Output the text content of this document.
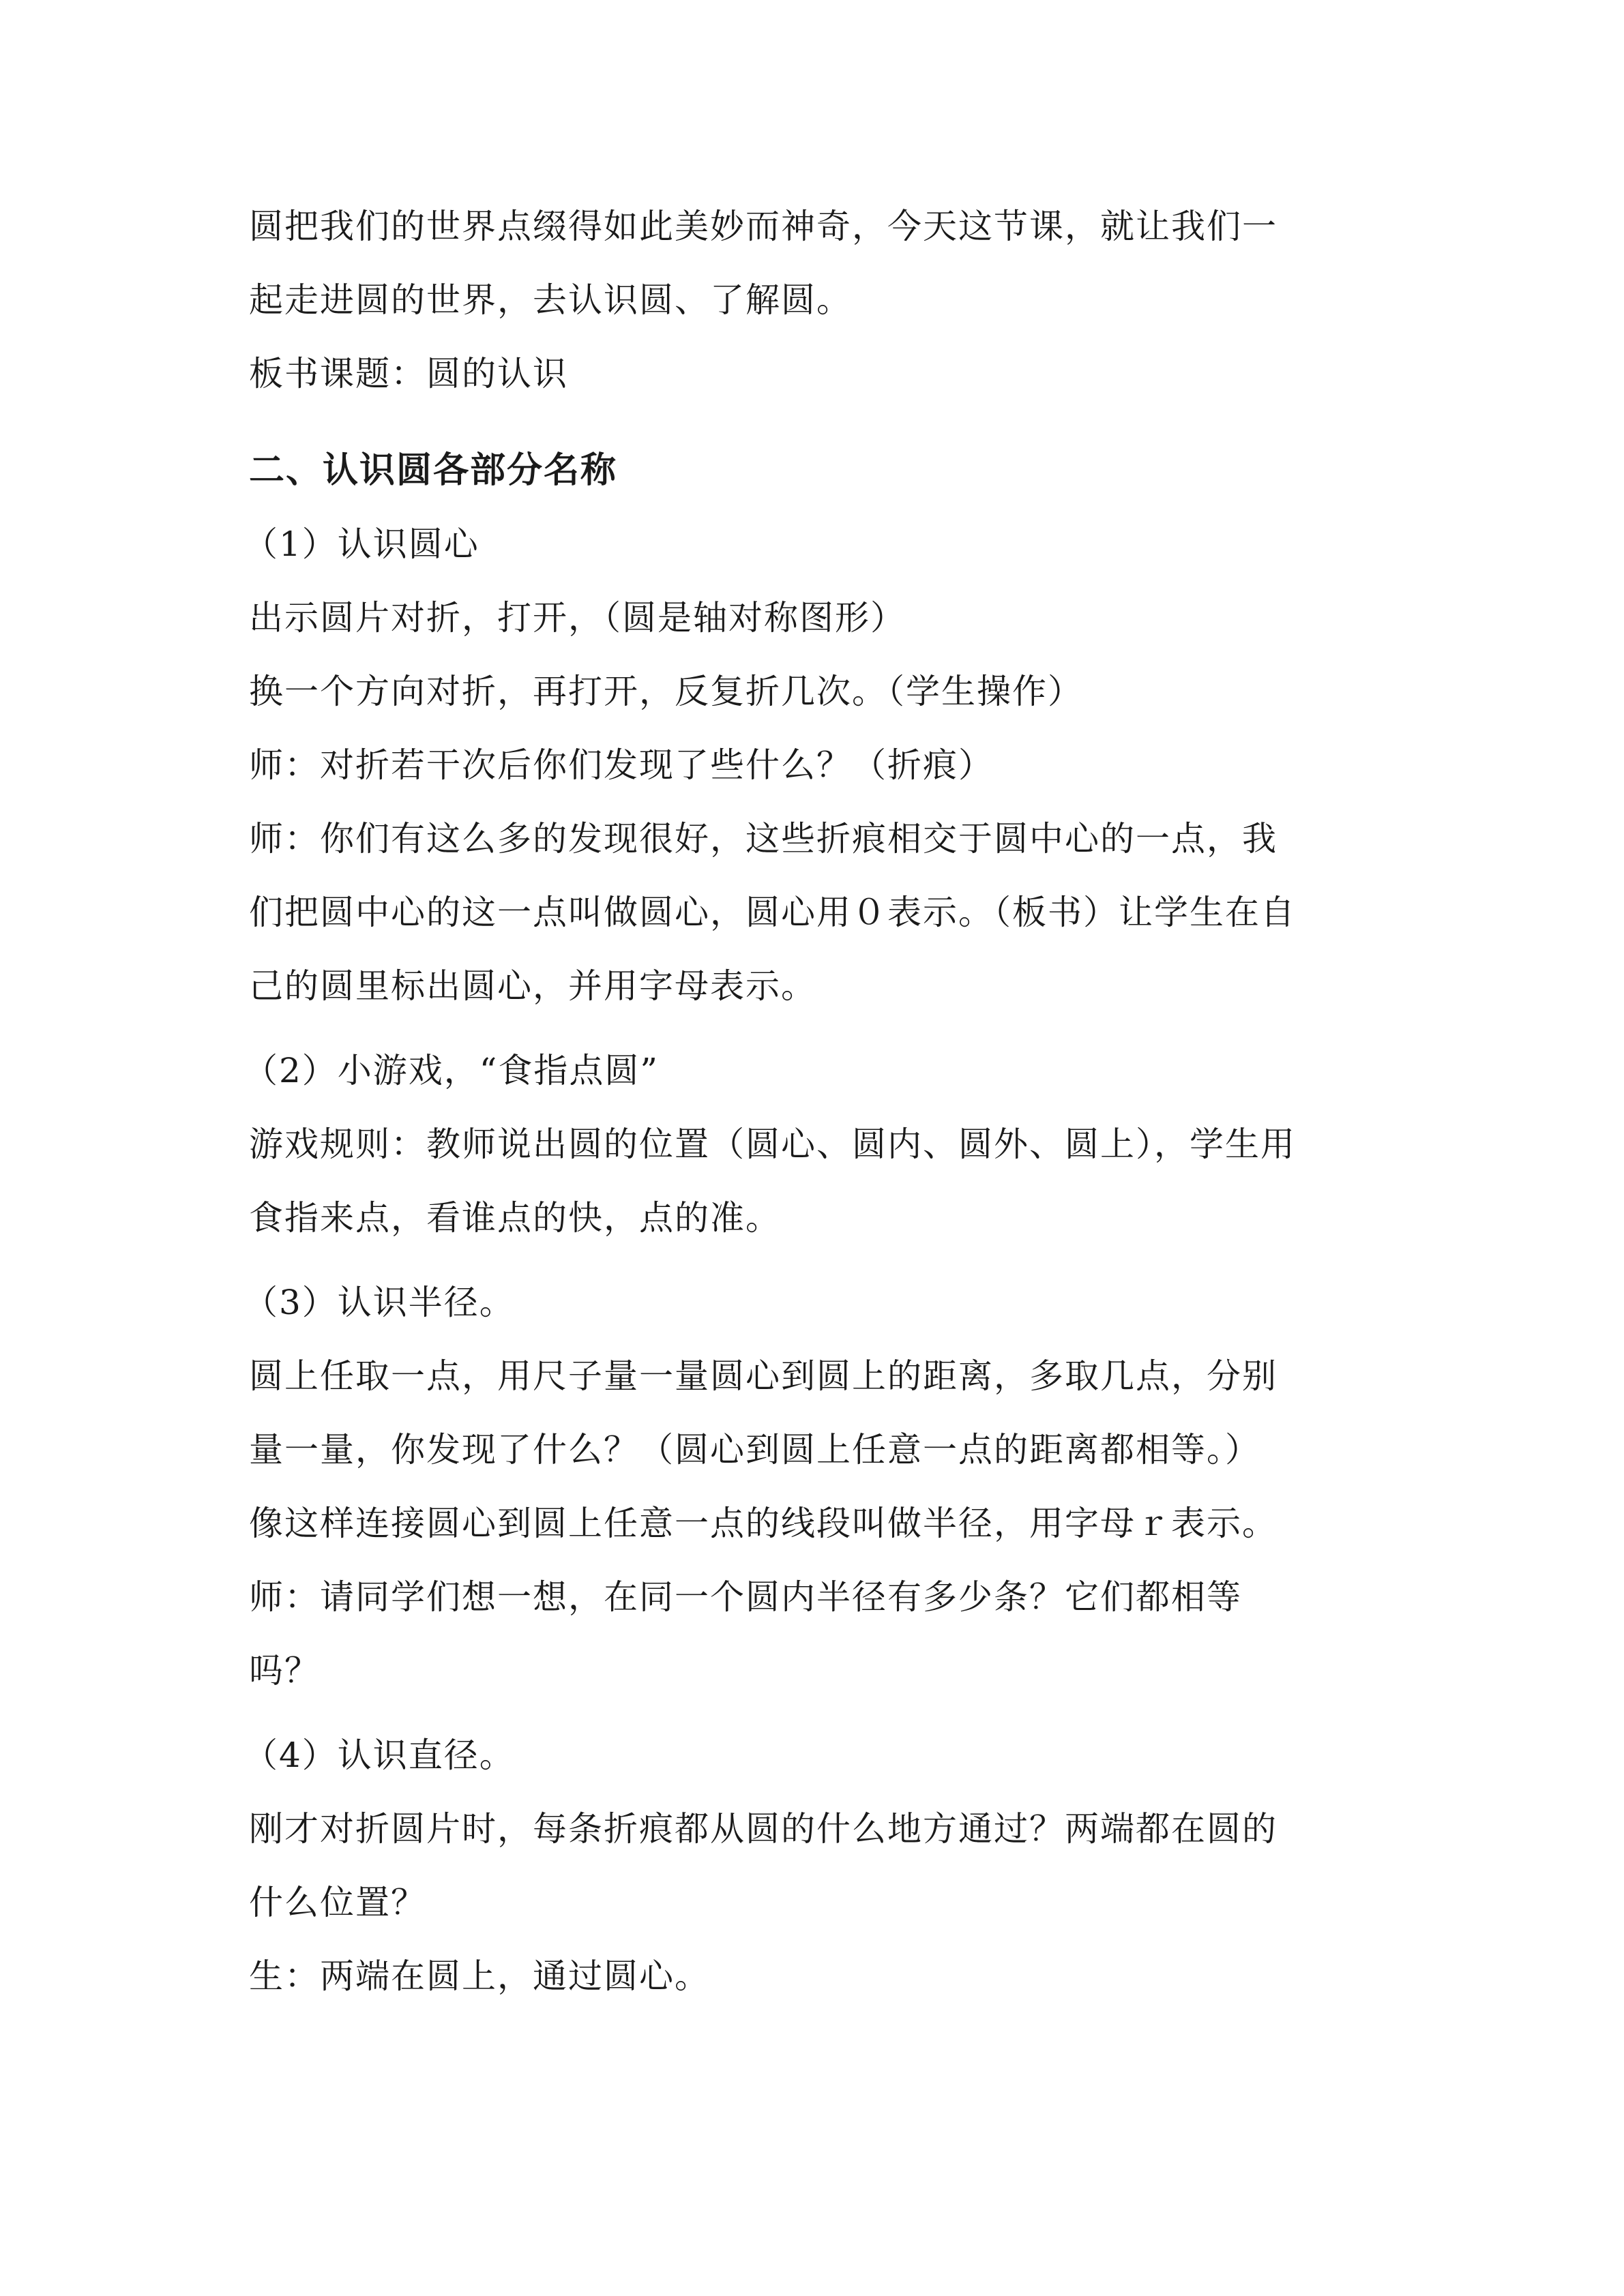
圆把我们的世界点缀得如此美妙而神奇，今天这节课，就让我们一
起走进圆的世界，去认识圆、了解圆。
板书课题：圆的认识
二、认识圆各部分名称
（1）认识圆心
出示圆片对折，打开，（圆是轴对称图形）
换一个方向对折，再打开，反复折几次。（学生操作）
师：对折若干次后你们发现了些什么？（折痕）
师：你们有这么多的发现很好，这些折痕相交于圆中心的一点，我
们把圆中心的这一点叫做圆心，圆心用０表示。（板书）让学生在自
己的圆里标出圆心，并用字母表示。
（2）小游戏，“食指点圆”
游戏规则：教师说出圆的位置（圆心、圆内、圆外、圆上），学生用
食指来点，看谁点的快，点的准。
（3）认识半径。
圆上任取一点，用尺子量一量圆心到圆上的距离，多取几点，分别
量一量，你发现了什么？（圆心到圆上任意一点的距离都相等。）
像这样连接圆心到圆上任意一点的线段叫做半径，用字母ｒ表示。
师：请同学们想一想，在同一个圆内半径有多少条？它们都相等
吗？
（4）认识直径。
刚才对折圆片时，每条折痕都从圆的什么地方通过？两端都在圆的
什么位置？
生：两端在圆上，通过圆心。
